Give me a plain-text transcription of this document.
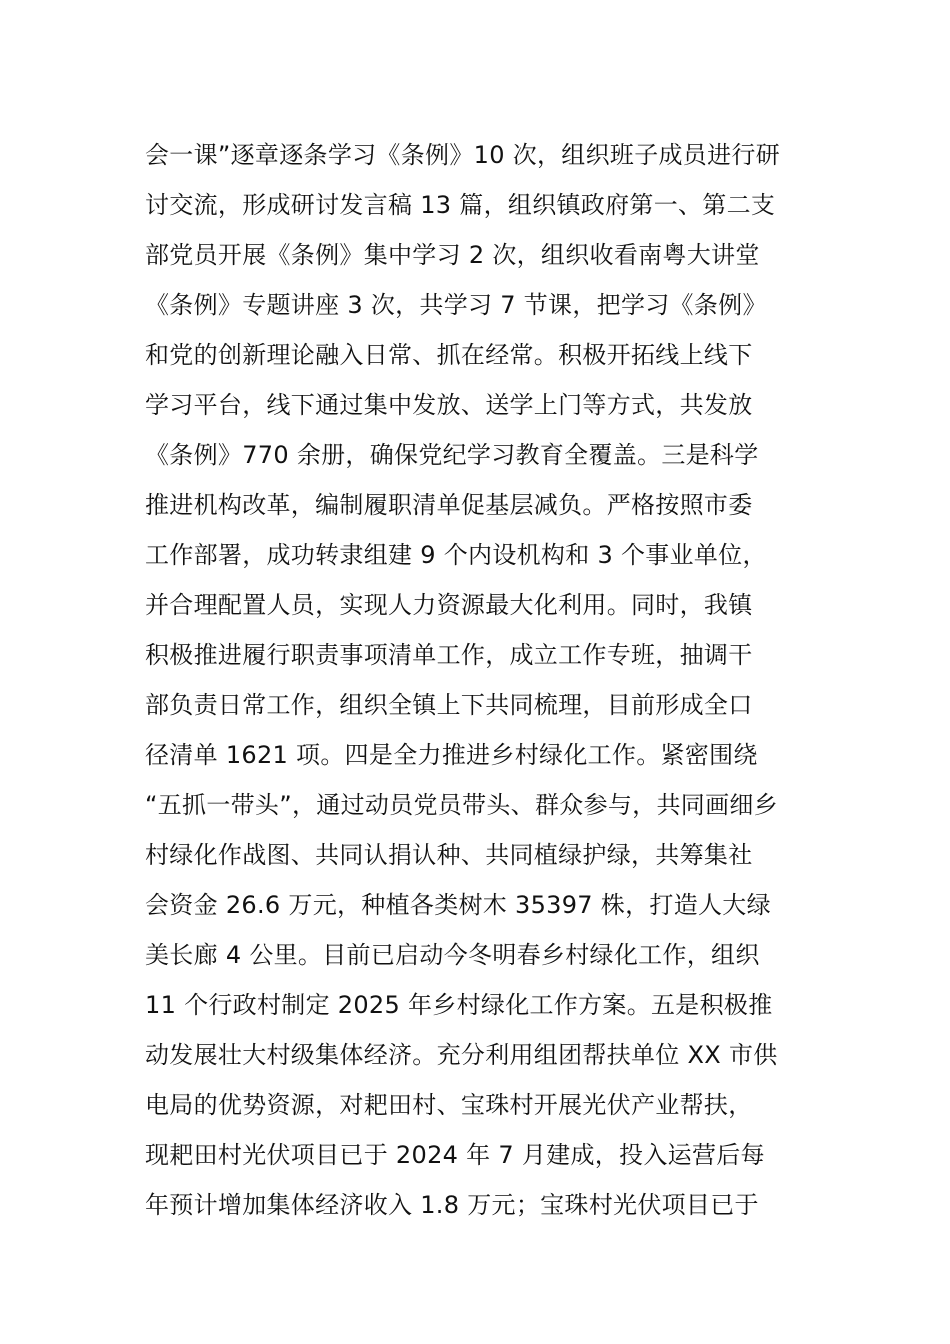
会一课”逐章逐条学习《条例》10 次，组织班子成员进行研
讨交流，形成研讨发言稿 13 篇，组织镇政府第一、第二支
部党员开展《条例》集中学习 2 次，组织收看南粤大讲堂
《条例》专题讲座 3 次，共学习 7 节课，把学习《条例》
和党的创新理论融入日常、抓在经常。积极开拓线上线下
学习平台，线下通过集中发放、送学上门等方式，共发放
《条例》770 余册，确保党纪学习教育全覆盖。三是科学
推进机构改革，编制履职清单促基层减负。严格按照市委
工作部署，成功转隶组建 9 个内设机构和 3 个事业单位，
并合理配置人员，实现人力资源最大化利用。同时，我镇
积极推进履行职责事项清单工作，成立工作专班，抽调干
部负责日常工作，组织全镇上下共同梳理，目前形成全口
径清单 1621 项。四是全力推进乡村绿化工作。紧密围绕
“五抓一带头”，通过动员党员带头、群众参与，共同画细乡
村绿化作战图、共同认捐认种、共同植绿护绿，共筹集社
会资金 26.6 万元，种植各类树木 35397 株，打造人大绿
美长廊 4 公里。目前已启动今冬明春乡村绿化工作，组织
11 个行政村制定 2025 年乡村绿化工作方案。五是积极推
动发展壮大村级集体经济。充分利用组团帮扶单位 XX 市供
电局的优势资源，对耙田村、宝珠村开展光伏产业帮扶，
现耙田村光伏项目已于 2024 年 7 月建成，投入运营后每
年预计增加集体经济收入 1.8 万元；宝珠村光伏项目已于
